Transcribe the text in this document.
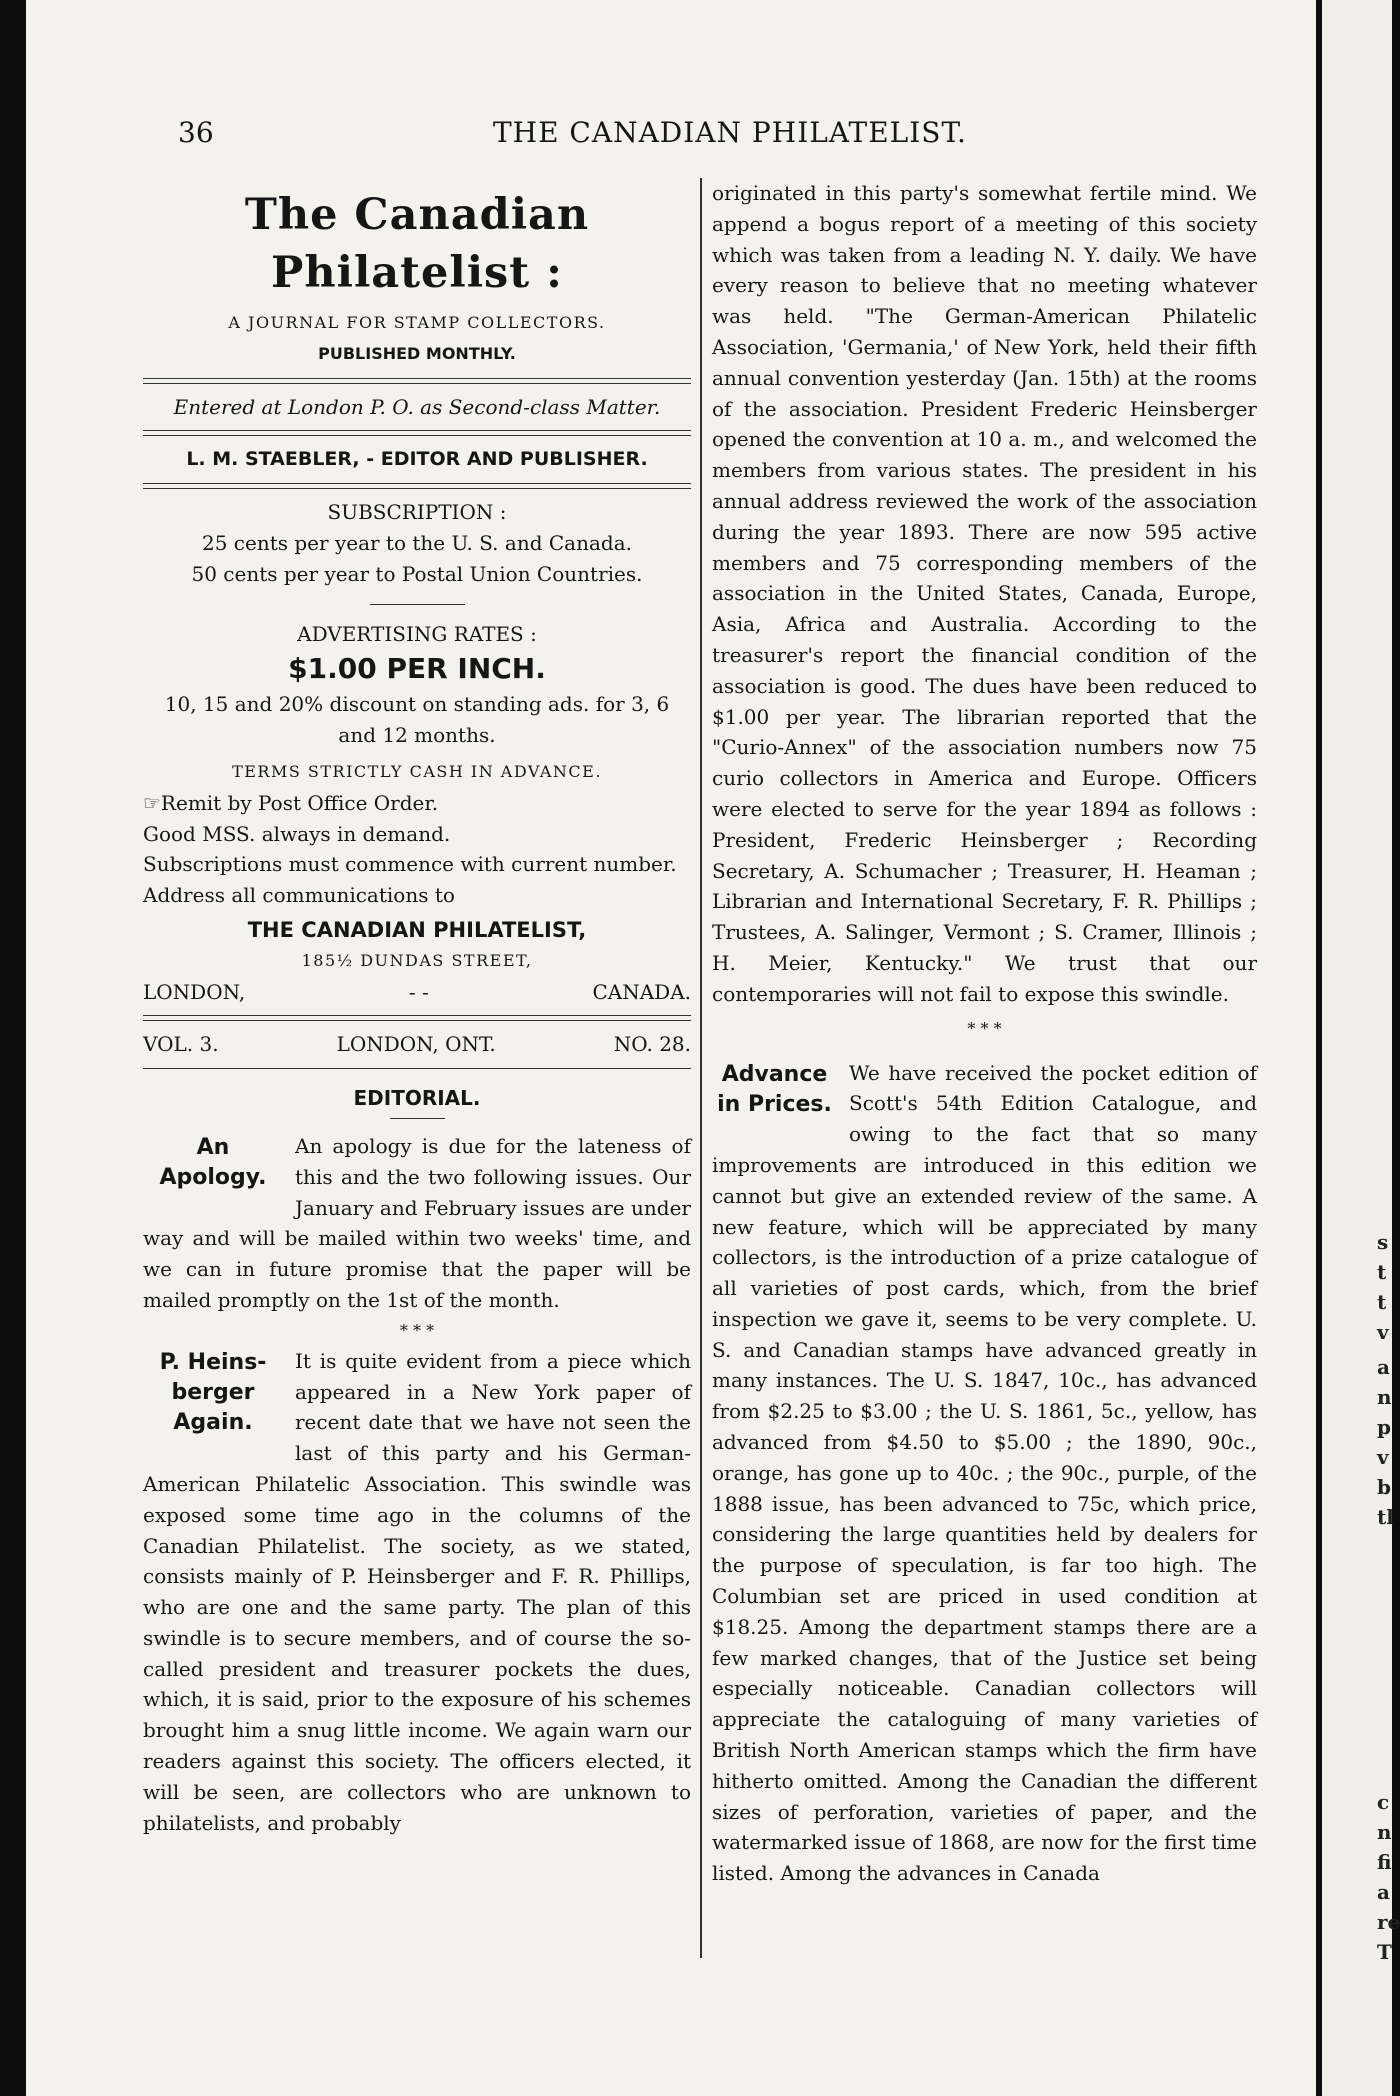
36	THE CANADIAN PHILATELIST.
The Canadian Philatelist :
A JOURNAL FOR STAMP COLLECTORS.
PUBLISHED MONTHLY.
Entered at London P. O. as Second-class Matter.
L. M. STAEBLER, - EDITOR AND PUBLISHER.
SUBSCRIPTION :
25 cents per year to the U. S. and Canada.
50 cents per year to Postal Union Countries.
ADVERTISING RATES :
$1.00 PER INCH.
10, 15 and 20% discount on standing ads. for 3, 6 and 12 months.
TERMS STRICTLY CASH IN ADVANCE.
☞Remit by Post Office Order.
Good MSS. always in demand.
Subscriptions must commence with current number.
Address all communications to
THE CANADIAN PHILATELIST,
185½ DUNDAS STREET,
LONDON,	- -	CANADA.
VOL. 3.	LONDON, ONT.	NO. 28.
EDITORIAL.
An Apology.

An apology is due for the lateness of this and the two following issues. Our January and February issues are under way and will be mailed within two weeks' time, and we can in future promise that the paper will be mailed promptly on the 1st of the month.

* * *
P. Heins-berger Again.

It is quite evident from a piece which appeared in a New York paper of recent date that we have not seen the last of this party and his German-American Philatelic Association. This swindle was exposed some time ago in the columns of the Canadian Philatelist. The society, as we stated, consists mainly of P. Heinsberger and F. R. Phillips, who are one and the same party. The plan of this swindle is to secure members, and of course the so-called president and treasurer pockets the dues, which, it is said, prior to the exposure of his schemes brought him a snug little income. We again warn our readers against this society. The officers elected, it will be seen, are collectors who are unknown to philatelists, and probably

originated in this party's somewhat fertile mind. We append a bogus report of a meeting of this society which was taken from a leading N. Y. daily. We have every reason to believe that no meeting whatever was held. "The German-American Philatelic Association, 'Germania,' of New York, held their fifth annual convention yesterday (Jan. 15th) at the rooms of the association. President Frederic Heinsberger opened the convention at 10 a. m., and welcomed the members from various states. The president in his annual address reviewed the work of the association during the year 1893. There are now 595 active members and 75 corresponding members of the association in the United States, Canada, Europe, Asia, Africa and Australia. According to the treasurer's report the financial condition of the association is good. The dues have been reduced to $1.00 per year. The librarian reported that the "Curio-Annex" of the association numbers now 75 curio collectors in America and Europe. Officers were elected to serve for the year 1894 as follows : President, Frederic Heinsberger ; Recording Secretary, A. Schumacher ; Treasurer, H. Heaman ; Librarian and International Secretary, F. R. Phillips ; Trustees, A. Salinger, Vermont ; S. Cramer, Illinois ; H. Meier, Kentucky." We trust that our contemporaries will not fail to expose this swindle.

* * *
Advance in Prices.

We have received the pocket edition of Scott's 54th Edition Catalogue, and owing to the fact that so many improvements are introduced in this edition we cannot but give an extended review of the same. A new feature, which will be appreciated by many collectors, is the introduction of a prize catalogue of all varieties of post cards, which, from the brief inspection we gave it, seems to be very complete. U. S. and Canadian stamps have advanced greatly in many instances. The U. S. 1847, 10c., has advanced from $2.25 to $3.00 ; the U. S. 1861, 5c., yellow, has advanced from $4.50 to $5.00 ; the 1890, 90c., orange, has gone up to 40c. ; the 90c., purple, of the 1888 issue, has been advanced to 75c, which price, considering the large quantities held by dealers for the purpose of speculation, is far too high. The Columbian set are priced in used condition at $18.25. Among the department stamps there are a few marked changes, that of the Justice set being especially noticeable. Canadian collectors will appreciate the cataloguing of many varieties of British North American stamps which the firm have hitherto omitted. Among the Canadian the different sizes of perforation, varieties of paper, and the watermarked issue of 1868, are now for the first time listed. Among the advances in Canada

s
t
t
v
a
n
p
v
b
tl
c
n
fi
a
re
T
